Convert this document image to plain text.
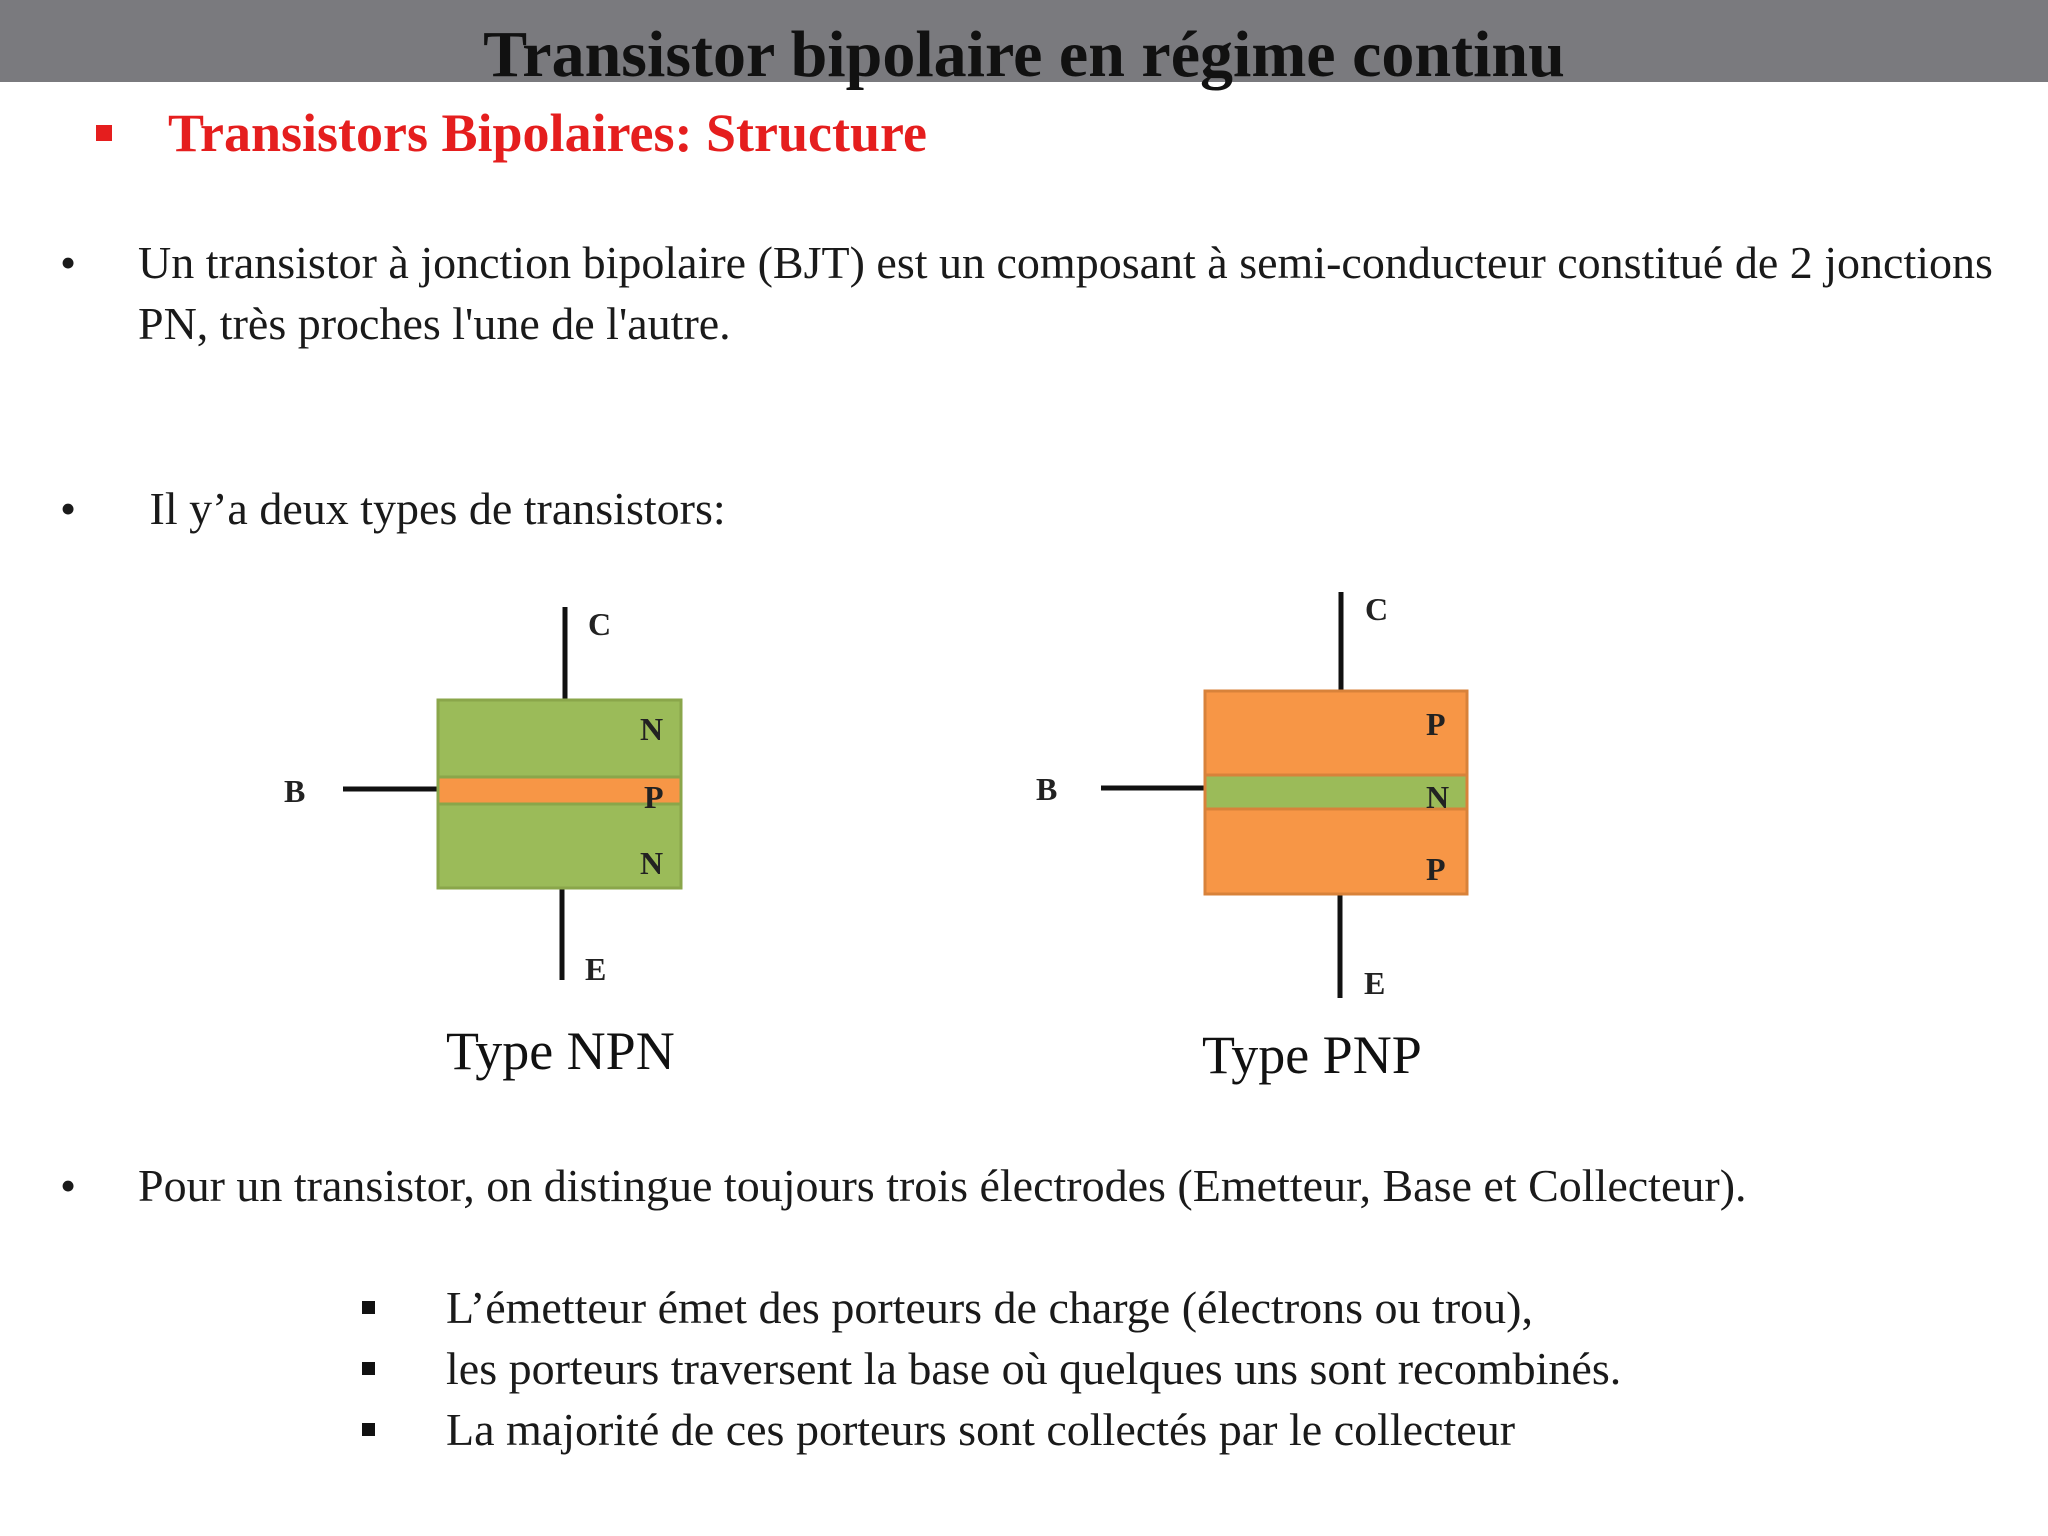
Transistor bipolaire en régime continu
Transistors Bipolaires: Structure
•	Un transistor à jonction bipolaire (BJT) est un composant à semi-conducteur constitué de 2 jonctions PN, très proches l'une de l'autre.
•	Il y’a deux types de transistors:
C
B
E
N
P
N
C
B
E
P
N
P
Type NPN	Type PNP
•	Pour un transistor, on distingue toujours trois électrodes (Emetteur, Base et Collecteur).
L’émetteur émet des porteurs de charge (électrons ou trou),
les porteurs traversent la base où quelques uns sont recombinés.
La majorité de ces porteurs sont collectés par le collecteur
